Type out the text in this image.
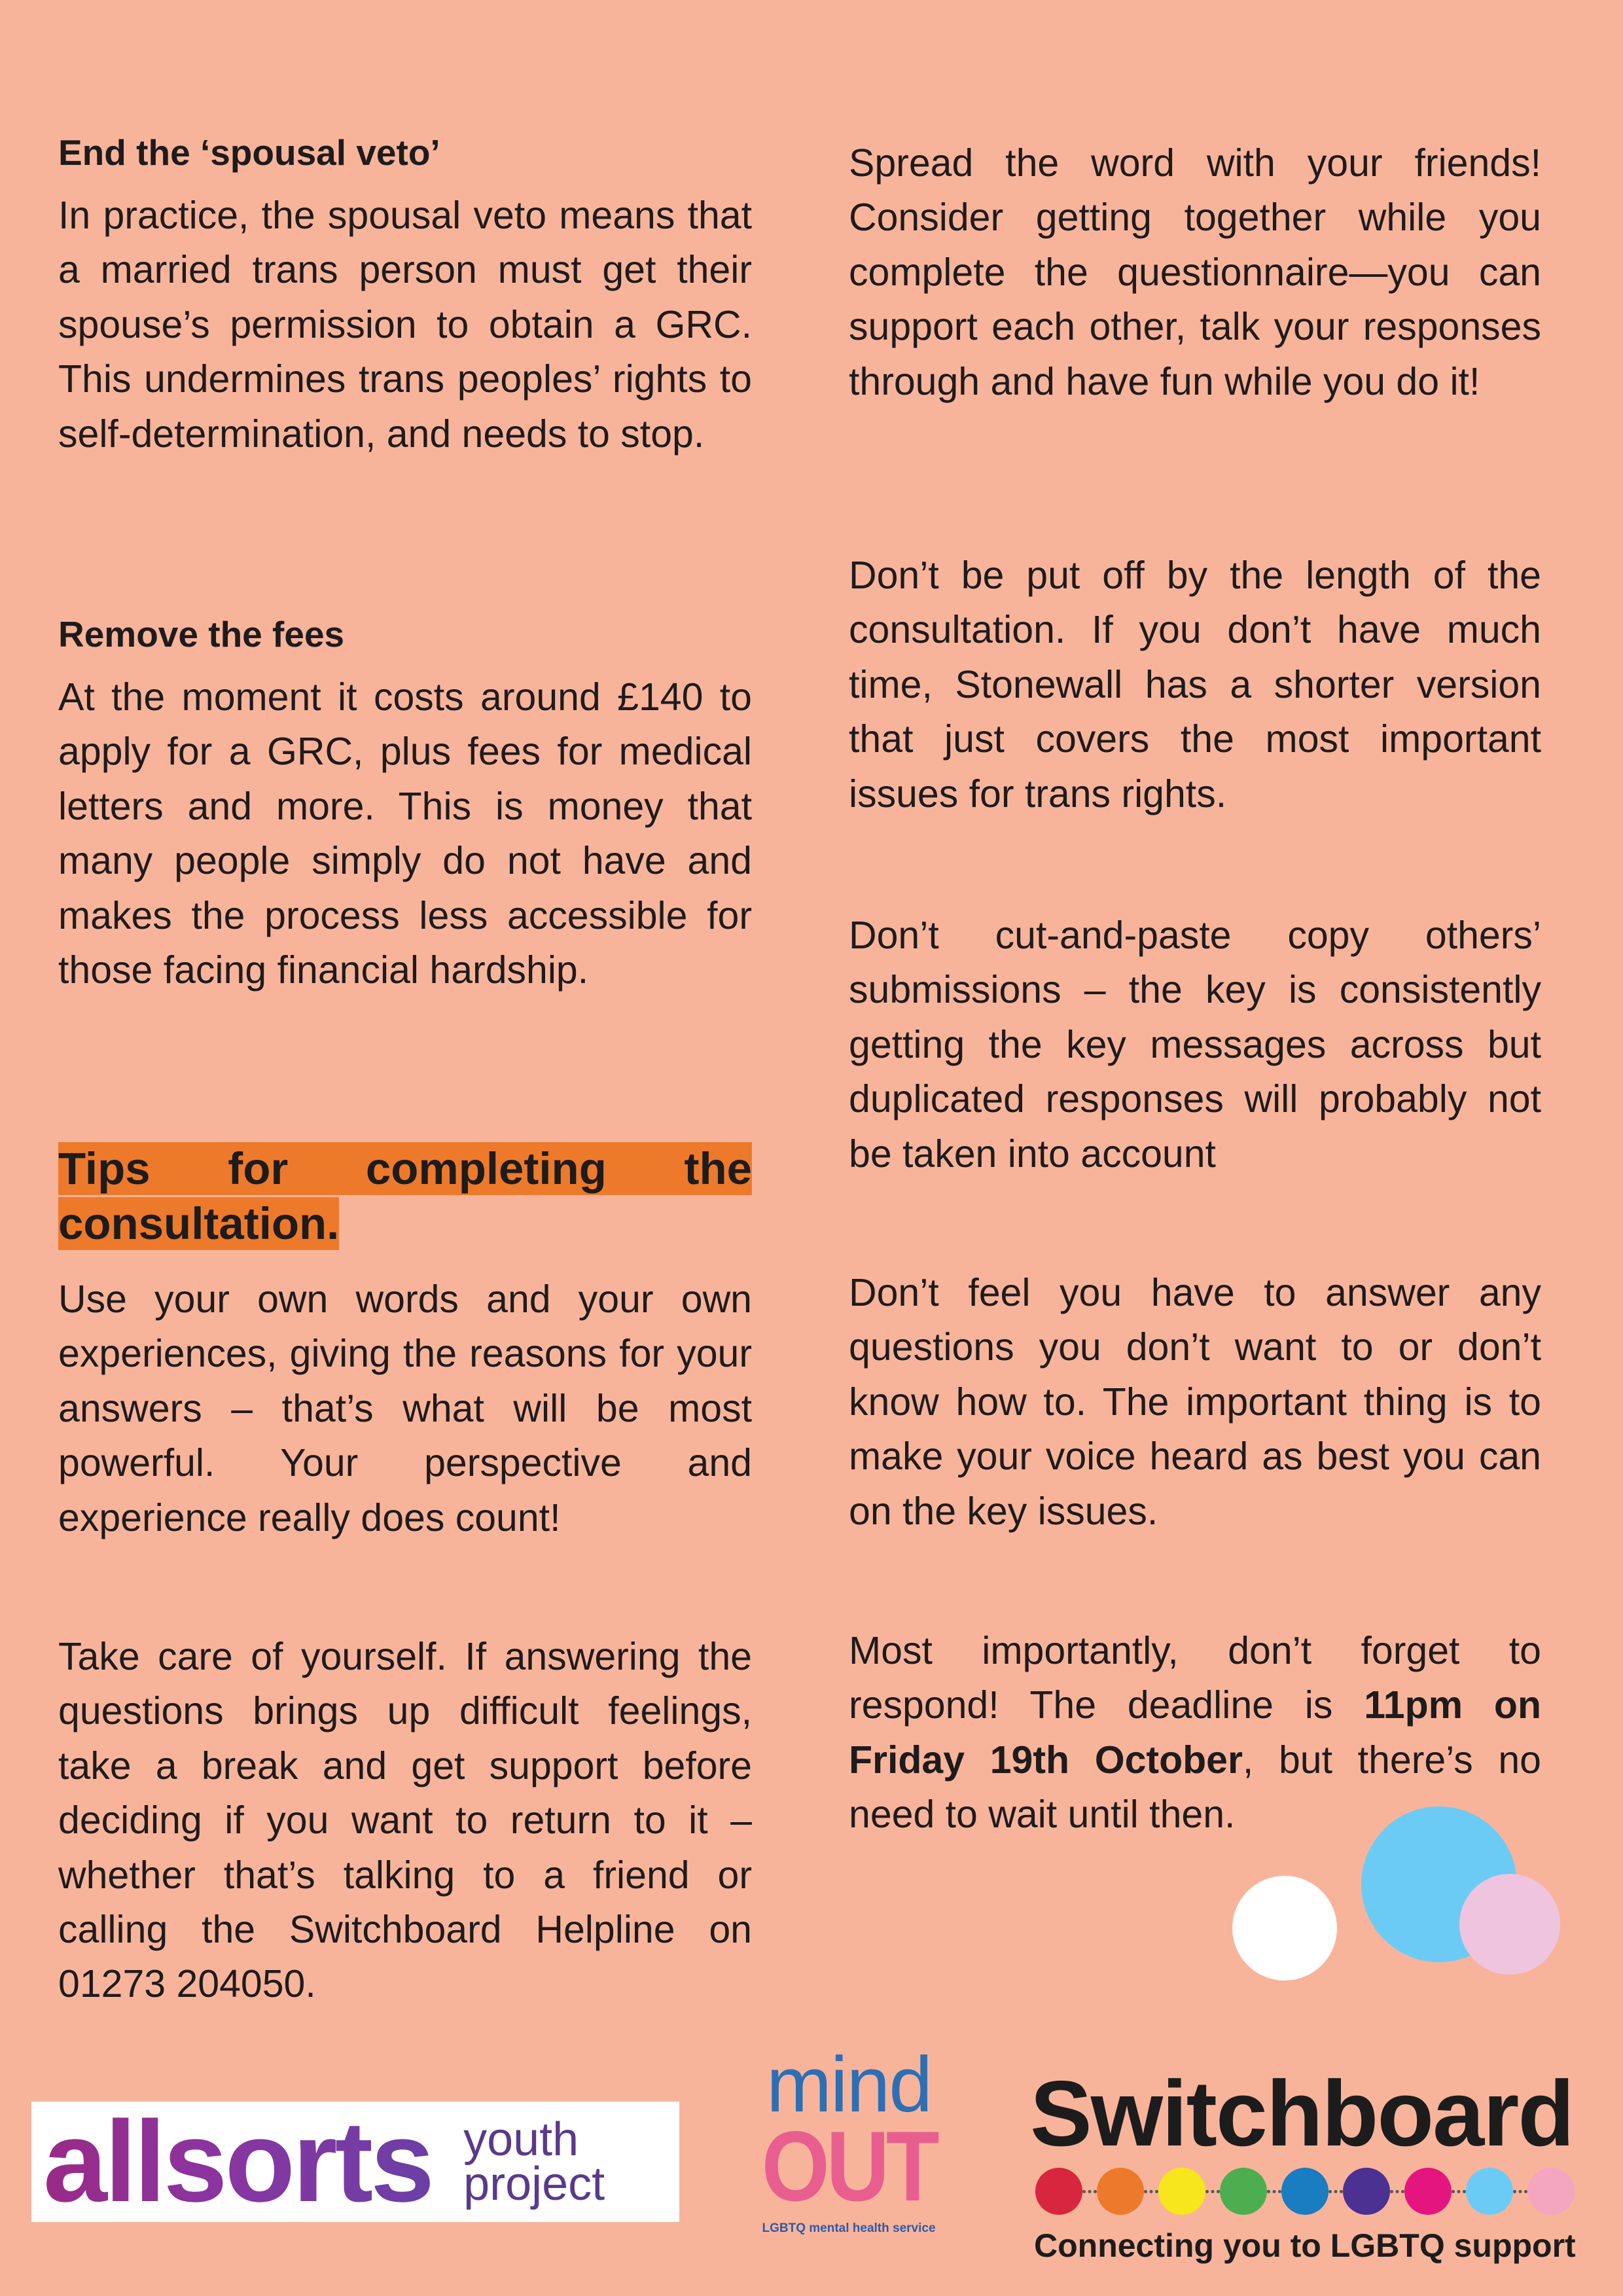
End the ‘spousal veto’

In practice, the spousal veto means that a married trans person must get their spouse’s permission to obtain a GRC. This undermines trans peoples’ rights to self-determination, and needs to stop.

Remove the fees

At the moment it costs around £140 to apply for a GRC, plus fees for medical letters and more. This is money that many people simply do not have and makes the process less accessible for those facing financial hardship.

Tips for completing the consultation.

Use your own words and your own experiences, giving the reasons for your answers – that’s what will be most powerful. Your perspective and experience really does count!

Take care of yourself. If answering the questions brings up difficult feelings, take a break and get support before deciding if you want to return to it – whether that’s talking to a friend or calling the Switchboard Helpline on 01273 204050.

Spread the word with your friends! Consider getting together while you complete the questionnaire—you can support each other, talk your responses through and have fun while you do it!

Don’t be put off by the length of the consultation. If you don’t have much time, Stonewall has a shorter version that just covers the most important issues for trans rights.

Don’t cut-and-paste copy others’ submissions – the key is consistently getting the key messages across but duplicated responses will probably not be taken into account

Don’t feel you have to answer any questions you don’t want to or don’t know how to. The important thing is to make your voice heard as best you can on the key issues.

Most importantly, don’t forget to respond! The deadline is 11pm on Friday 19th October, but there’s no need to wait until then.

allsorts youth
project
mind
OUT
LGBTQ mental health service
Switchboard
Connecting you to LGBTQ support
